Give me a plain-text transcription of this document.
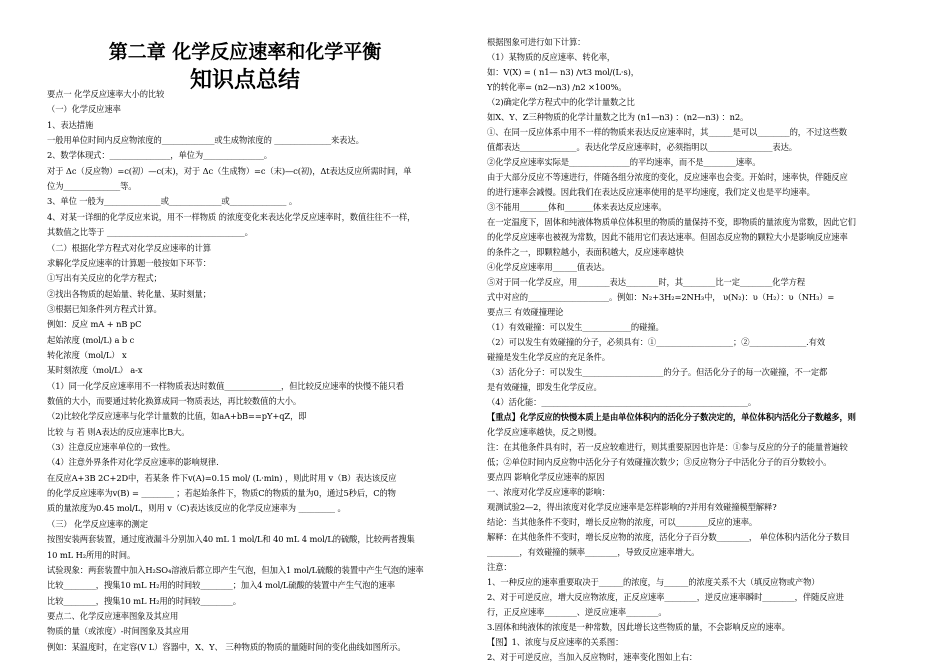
第二章 化学反应速率和化学平衡
知识点总结
要点一 化学反应速率大小的比较
（一）化学反应速率
1、表达措施
一般用单位时间内反应物浓度的_____________或生成物浓度的 ______________来表达。
2、数学体现式：_______________，单位为_______________。
对于 Δc（反应物）=c(初）—c(末)，对于 Δc（生成物）=c（末)—c(初)，Δt表达反应所需时间，单
位为______________等。
3、单位 一般为______________或_____________或______________ 。
4、对某一详细的化学反应来说，用不一样物质 的浓度变化来表达化学反应速率时，数值往往不一样，
其数值之比等于 __________________________________。
（二）根据化学方程式对化学反应速率的计算
求解化学反应速率的计算题一般按如下环节：
①写出有关反应的化学方程式；
②找出各物质的起始量、转化量、某时刻量；
③根据已知条件列方程式计算。
例如：反应 mA + nB pC
起始浓度 (mol/L) a b c
转化浓度（mol/L） x
某时刻浓度（mol/L） a-x
（1）同一化学反应速率用不一样物质表达时数值______________，但比较反应速率的快慢不能只看
数值的大小，而要通过转化换算成同一物质表达，再比较数值的大小。
（2)比较化学反应速率与化学计量数的比值，如aA+bB==pY+qZ，即
比较 与 若 则A表达的反应速率比B大。
（3）注意反应速率单位的一致性。
（4）注意外界条件对化学反应速率的影响规律.
在反应A+3B 2C+2D中，若某条 件下v(A)=0.15 mol/ (L·min) ，则此时用 v（B）表达该反应
的化学反应速率为v(B) = ________ ；若起始条件下，物质C的物质的量为0，通过5秒后，C的物
质的量浓度为0.45 mol/L，则用 v（C)表达该反应的化学反应速率为 _________ 。
（三） 化学反应速率的测定
按图安装两套装置，通过度液漏斗分别加入40 mL 1 mol/L和 40 mL 4 mol/L的硫酸，比较两者搜集
10 mL H₂所用的时间。
试验现象：两套装置中加入H₂SO₄溶液后都立即产生气泡，但加入1 mol/L硫酸的装置中产生气泡的速率
比较________，搜集10 mL H₂用的时间较________；加入4 mol/L硫酸的装置中产生气泡的速率
比较________，搜集10 mL H₂用的时间较________。
要点二、化学反应速率图象及其应用
物质的量（或浓度）-时间图象及其应用
例如：某温度时，在定容(V L）容器中，X、Y、 三种物质的物质的量随时间的变化曲线如图所示。
根据图象可进行如下计算：
（1）某物质的反应速率、转化率，
如：V(X) = ( n1— n3) /vt3 mol/(L·s)，
Y的转化率= (n2—n3) /n2 ×100%。
（2)确定化学方程式中的化学计量数之比
如X、Y、Z三种物质的化学计量数之比为 (n1—n3) ：(n2—n3) ：n2。
①、在同一反应体系中用不一样的物质来表达反应速率时，其______是可以________的，不过这些数
值都表达______________。表达化学反应速率时，必须指明以________________表达。
②化学反应速率实际是_______________的平均速率，而不是________速率。
由于大部分反应不等速进行，伴随各组分浓度的变化，反应速率也会变。开始时，速率快，伴随反应
的进行速率会减慢。因此我们在表达反应速率使用的是平均速度，我们定义也是平均速率。
③不能用_______体和_______体来表达反应速率。
在一定温度下，固体和纯液体物质单位体积里的物质的量保持不变，即物质的量浓度为常数，因此它们
的化学反应速率也被视为常数，因此不能用它们表达速率。但固态反应物的颗粒大小是影响反应速率
的条件之一，即颗粒越小，表面积越大，反应速率越快
④化学反应速率用______值表达。
⑤对于同一化学反应，用________表达________时，其________比一定________化学方程
式中对应的____________________。例如：N₂+3H₂=2NH₃中， υ(N₂)：υ（H₂）：υ（NH₃）=
要点三 有效碰撞理论
（1）有效碰撞：可以发生____________的碰撞。
（2）可以发生有效碰撞的分子，必须具有：①___________________；②______________.有效
碰撞是发生化学反应的充足条件。
（3）活化分子：可以发生____________________的分子。但活化分子的每一次碰撞，不一定都
是有效碰撞，即发生化学反应。
（4）活化能：___________________________________________________。
【重点】化学反应的快慢本质上是由单位体积内的活化分子数决定的，单位体积内活化分子数越多，则
化学反应速率越快，反之则慢。
注：在其他条件具有时，若一反应较难进行，则其重要原因也许是：①参与反应的分子的能量普遍较
低；②单位时间内反应物中活化分子有效碰撞次数少；③反应物分子中活化分子的百分数较小。
要点四 影响化学反应速率的原因
一、浓度对化学反应速率的影响：
观测试验2—2，得出浓度对化学反应速率是怎样影响的?并用有效碰撞模型解释?
结论：当其他条件不变时，增长反应物的浓度，可以________反应的速率。
解释：在其他条件不变时，增长反应物的浓度，活化分子百分数________， 单位体积内活化分子数目
________，有效碰撞的频率________，导致反应速率增大。
注意：
1、一种反应的速率重要取决于______的浓度，与______的浓度关系不大（填反应物或产物）
2、对于可逆反应，增大反应物浓度，正反应速率________，逆反应速率瞬时________，伴随反应进
行，正反应速率________、逆反应速率________。
3.固体和纯液体的浓度是一种常数，因此增长这些物质的量，不会影响反应的速率。
【图】1、浓度与反应速率的关系图：
2、对于可逆反应，当加入反应物时，速率变化图如上右：
